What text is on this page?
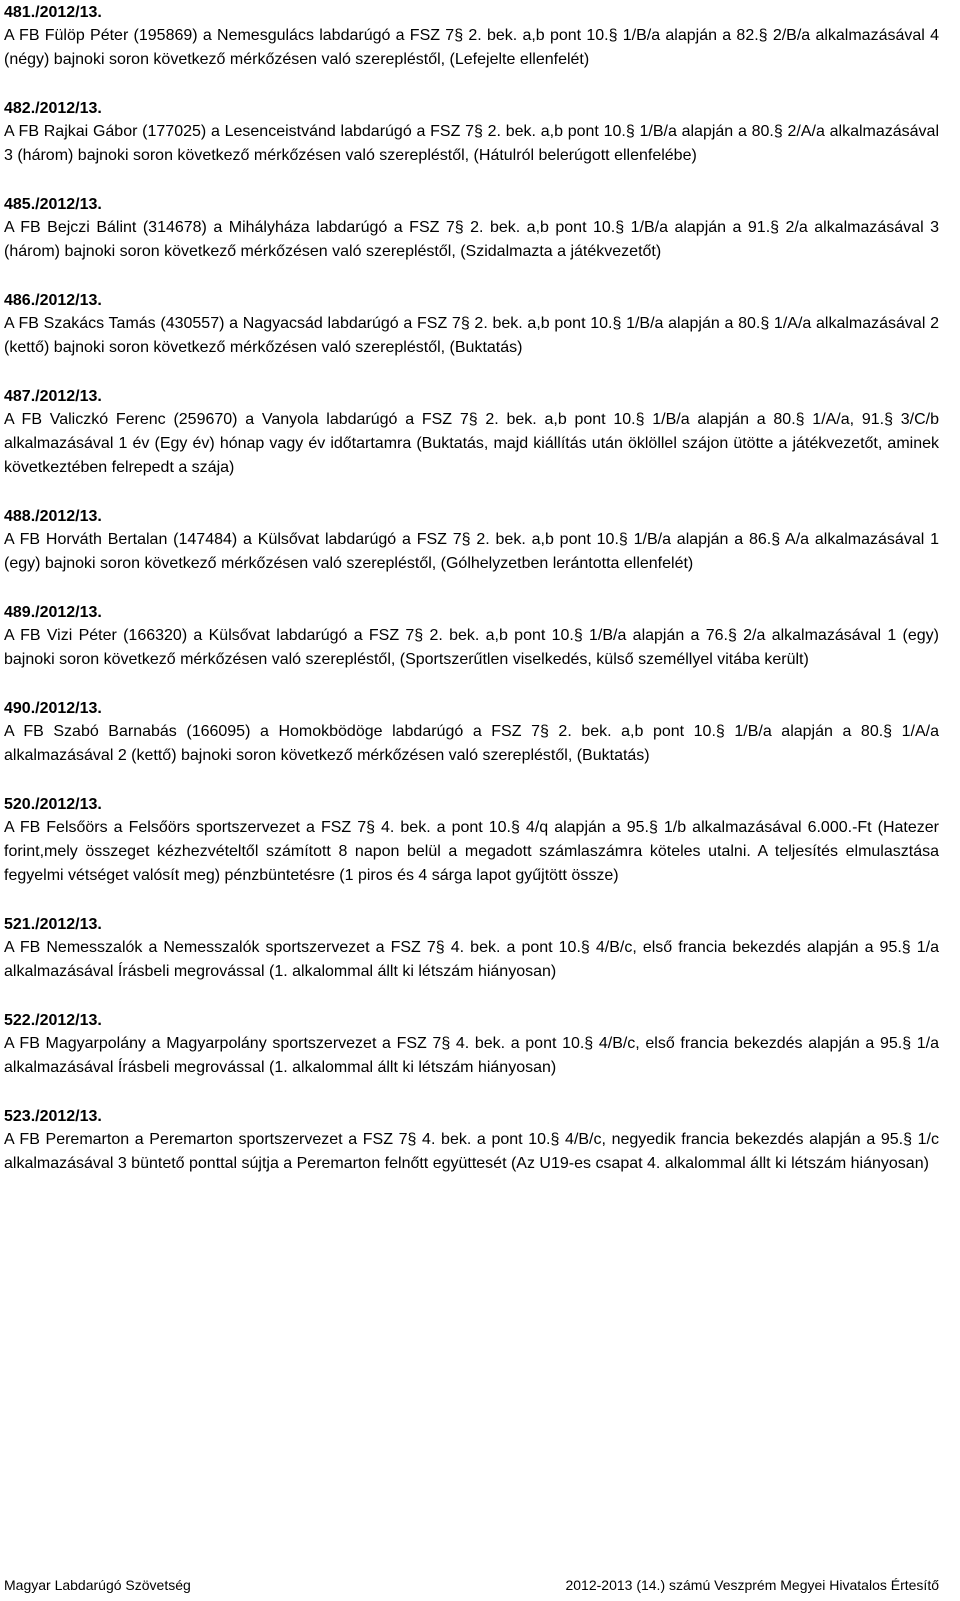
481./2012/13.

A FB Fülöp Péter (195869) a Nemesgulács labdarúgó a FSZ 7§ 2. bek. a,b pont 10.§ 1/B/a alapján a 82.§ 2/B/a alkalmazásával 4 (négy) bajnoki soron következő mérkőzésen való szerepléstől, (Lefejelte ellenfelét)

482./2012/13.

A FB Rajkai Gábor (177025) a Lesenceistvánd labdarúgó a FSZ 7§ 2. bek. a,b pont 10.§ 1/B/a alapján a 80.§ 2/A/a alkalmazásával 3 (három) bajnoki soron következő mérkőzésen való szerepléstől, (Hátulról belerúgott ellenfelébe)

485./2012/13.

A FB Bejczi Bálint (314678) a Mihályháza labdarúgó a FSZ 7§ 2. bek. a,b pont 10.§ 1/B/a alapján a 91.§ 2/a alkalmazásával 3 (három) bajnoki soron következő mérkőzésen való szerepléstől, (Szidalmazta a játékvezetőt)

486./2012/13.

A FB Szakács Tamás (430557) a Nagyacsád labdarúgó a FSZ 7§ 2. bek. a,b pont 10.§ 1/B/a alapján a 80.§ 1/A/a alkalmazásával 2 (kettő) bajnoki soron következő mérkőzésen való szerepléstől, (Buktatás)

487./2012/13.

A FB Valiczkó Ferenc (259670) a Vanyola labdarúgó a FSZ 7§ 2. bek. a,b pont 10.§ 1/B/a alapján a 80.§ 1/A/a, 91.§ 3/C/b alkalmazásával 1 év (Egy év) hónap vagy év időtartamra (Buktatás, majd kiállítás után öklöllel szájon ütötte a játékvezetőt, aminek következtében felrepedt a szája)

488./2012/13.

A FB Horváth Bertalan (147484) a Külsővat labdarúgó a FSZ 7§ 2. bek. a,b pont 10.§ 1/B/a alapján a 86.§ A/a alkalmazásával 1 (egy) bajnoki soron következő mérkőzésen való szerepléstől, (Gólhelyzetben lerántotta ellenfelét)

489./2012/13.

A FB Vizi Péter (166320) a Külsővat labdarúgó a FSZ 7§ 2. bek. a,b pont 10.§ 1/B/a alapján a 76.§ 2/a alkalmazásával 1 (egy) bajnoki soron következő mérkőzésen való szerepléstől, (Sportszerűtlen viselkedés, külső személlyel vitába került)

490./2012/13.

A FB Szabó Barnabás (166095) a Homokbödöge labdarúgó a FSZ 7§ 2. bek. a,b pont 10.§ 1/B/a alapján a 80.§ 1/A/a alkalmazásával 2 (kettő) bajnoki soron következő mérkőzésen való szerepléstől, (Buktatás)

520./2012/13.

A FB Felsőörs a Felsőörs sportszervezet a FSZ 7§ 4. bek. a pont 10.§ 4/q alapján a 95.§ 1/b alkalmazásával 6.000.-Ft (Hatezer forint,mely összeget kézhezvételtől számított 8 napon belül a megadott számlaszámra köteles utalni. A teljesítés elmulasztása fegyelmi vétséget valósít meg) pénzbüntetésre (1 piros és 4 sárga lapot gyűjtött össze)

521./2012/13.

A FB Nemesszalók a Nemesszalók sportszervezet a FSZ 7§ 4. bek. a pont 10.§ 4/B/c, első francia bekezdés alapján a 95.§ 1/a alkalmazásával Írásbeli megrovással (1. alkalommal állt ki létszám hiányosan)

522./2012/13.

A FB Magyarpolány a Magyarpolány sportszervezet a FSZ 7§ 4. bek. a pont 10.§ 4/B/c, első francia bekezdés alapján a 95.§ 1/a alkalmazásával Írásbeli megrovással (1. alkalommal állt ki létszám hiányosan)

523./2012/13.

A FB Peremarton a Peremarton sportszervezet a FSZ 7§ 4. bek. a pont 10.§ 4/B/c, negyedik francia bekezdés alapján a 95.§ 1/c alkalmazásával 3 büntető ponttal sújtja a Peremarton felnőtt együttesét (Az U19-es csapat 4. alkalommal állt ki létszám hiányosan)

Magyar Labdarúgó Szövetség	2012-2013 (14.) számú Veszprém Megyei Hivatalos Értesítő
